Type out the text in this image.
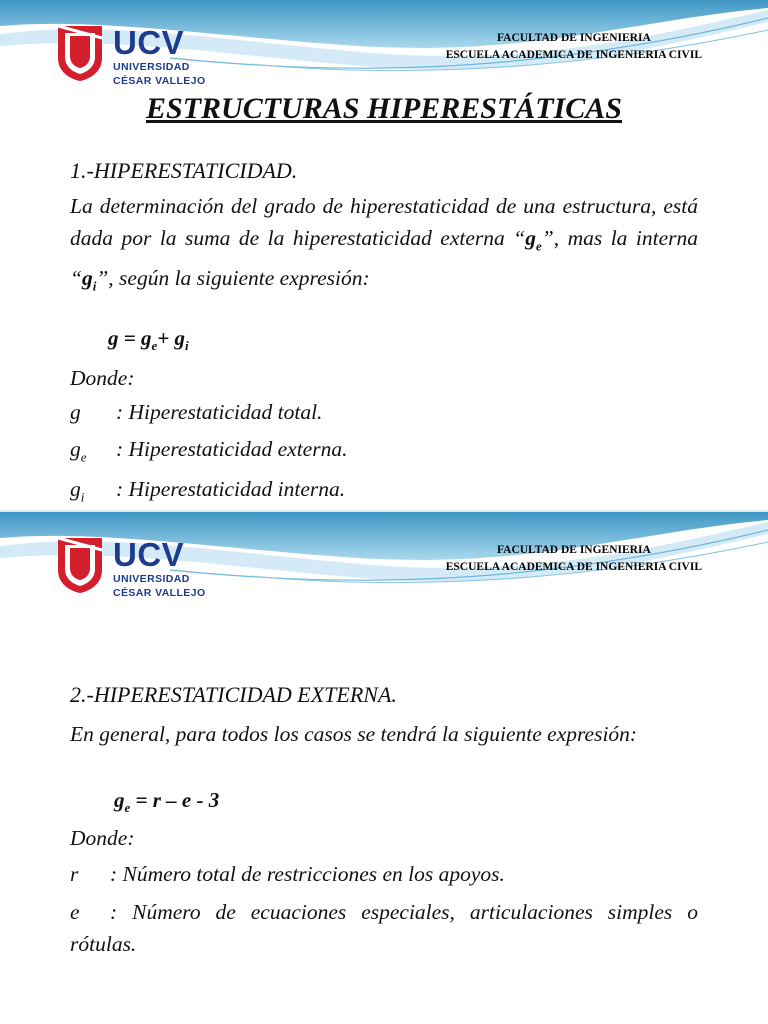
UCV
UNIVERSIDAD
CÉSAR VALLEJO
FACULTAD DE INGENIERIA
ESCUELA ACADEMICA DE INGENIERIA CIVIL
ESTRUCTURAS HIPERESTÁTICAS
1.-HIPERESTATICIDAD.
La determinación del grado de hiperestaticidad de una estructura, está dada por la suma de la hiperestaticidad externa “$g_e$”, mas la interna “$g_i$”, según la siguiente expresión:
$g = g_e+ g_i$
Donde:
g : Hiperestaticidad total.
$g_e$ : Hiperestaticidad externa.
$g_i$ : Hiperestaticidad interna.
UCV
UNIVERSIDAD
CÉSAR VALLEJO
FACULTAD DE INGENIERIA
ESCUELA ACADEMICA DE INGENIERIA CIVIL
2.-HIPERESTATICIDAD EXTERNA.
En general, para todos los casos se tendrá la siguiente expresión:
$g_e = r - e - 3$
Donde:
r : Número total de restricciones en los apoyos.
e : Número de ecuaciones especiales, articulaciones simples o rótulas.
